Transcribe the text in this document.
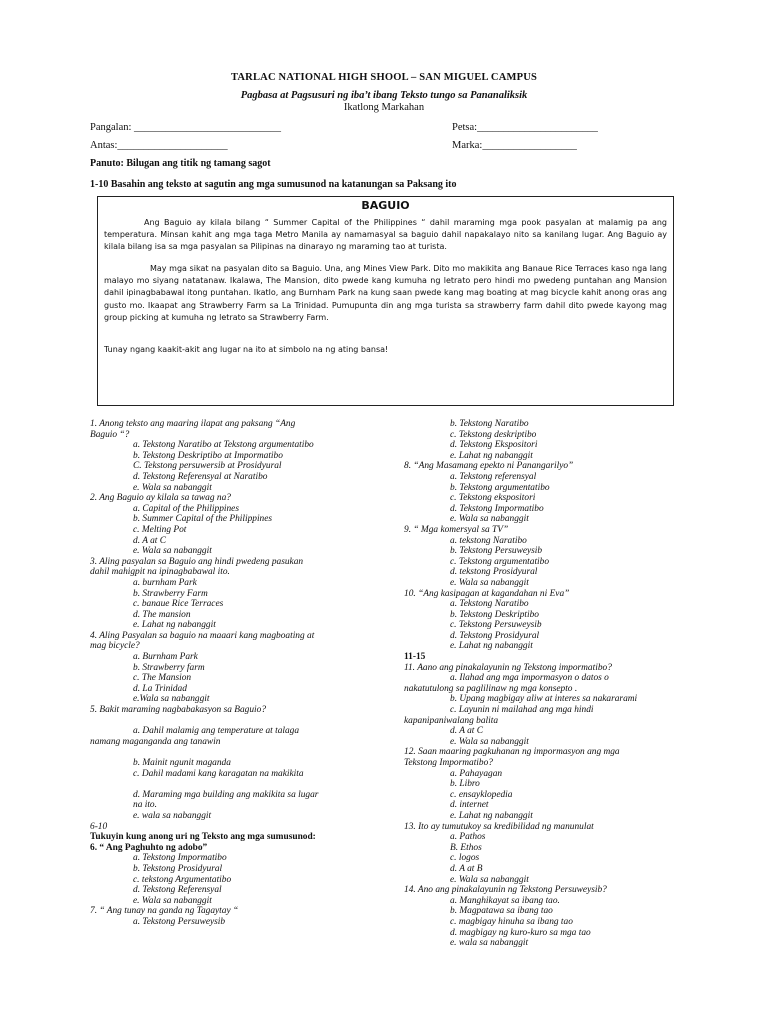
TARLAC NATIONAL HIGH SHOOL – SAN MIGUEL CAMPUS
Pagbasa at Pagsusuri ng iba’t ibang Teksto tungo sa Pananaliksik
Ikatlong Markahan
Pangalan: ____________________________	Petsa:_______________________
Antas:_____________________	Marka:__________________
Panuto: Bilugan ang titik ng tamang sagot
1-10 Basahin ang teksto at sagutin ang mga sumusunod na katanungan sa Paksang ito
BAGUIO
Ang Baguio ay kilala bilang “ Summer Capital of the Philippines “ dahil maraming mga pook pasyalan at malamig pa ang temperatura. Minsan kahit ang mga taga Metro Manila ay namamasyal sa baguio dahil napakalayo nito sa kanilang lugar. Ang Baguio ay kilala bilang isa sa mga pasyalan sa Pilipinas na dinarayo ng maraming tao at turista.
May mga sikat na pasyalan dito sa Baguio. Una, ang Mines View Park. Dito mo makikita ang Banaue Rice Terraces kaso nga lang malayo mo siyang natatanaw. Ikalawa, The Mansion, dito pwede kang kumuha ng letrato pero hindi mo pwedeng puntahan ang Mansion dahil ipinagbabawal itong puntahan. Ikatlo, ang Burnham Park na kung saan pwede kang mag boating at mag bicycle kahit anong oras ang gusto mo. Ikaapat ang Strawberry Farm sa La Trinidad. Pumupunta din ang mga turista sa strawberry farm dahil dito pwede kayong mag group picking at kumuha ng letrato sa Strawberry Farm.
Tunay ngang kaakit-akit ang lugar na ito at simbolo na ng ating bansa!
1. Anong teksto ang maaring ilapat ang paksang “Ang
Baguio “?
a. Tekstong Naratibo at Tekstong argumentatibo
b. Tekstong Deskriptibo at Impormatibo
C. Tekstong persuwersib at Prosidyural
d. Tekstong Referensyal at Naratibo
e. Wala sa nabanggit
2. Ang Baguio ay kilala sa tawag na?
a. Capital of the Philippines
b. Summer Capital of the Philippines
c. Melting Pot
d. A at C
e. Wala sa nabanggit
3. Aling pasyalan sa Baguio ang hindi pwedeng pasukan
dahil mahigpit na ipinagbabawal ito.
a. burnham Park
b. Strawberry Farm
c. banaue Rice Terraces
d. The mansion
e. Lahat ng nabanggit
4. Aling Pasyalan sa baguio na maaari kang magboating at
mag bicycle?
a. Burnham Park
b. Strawberry farm
c. The Mansion
d. La Trinidad
e.Wala sa nabanggit
5. Bakit maraming nagbabakasyon sa Baguio?
a. Dahil malamig ang temperature at talaga
namang maganganda ang tanawin
b. Mainit ngunit maganda
c. Dahil madami kang karagatan na makikita
d. Maraming mga building ang makikita sa lugar
na ito.
e. wala sa nabanggit
6-10
Tukuyin kung anong uri ng Teksto ang mga sumusunod:
6. “ Ang Paghuhto ng adobo”
a. Tekstong Impormatibo
b. Tekstong Prosidyural
c. tekstong Argumentatibo
d. Tekstong Referensyal
e. Wala sa nabanggit
7. “ Ang tunay na ganda ng Tagaytay “
a. Tekstong Persuweysib
b. Tekstong Naratibo
c. Tekstong deskriptibo
d. Tekstong Ekspositori
e. Lahat ng nabanggit
8. “Ang Masamang epekto ni Panangarilyo”
a. Tekstong referensyal
b. Tekstong argumentatibo
c. Tekstong ekspositori
d. Tekstong Impormatibo
e. Wala sa nabanggit
9. “ Mga komersyal sa TV”
a. tekstong Naratibo
b. Tekstong Persuweysib
c. Tekstong argumentatibo
d. tekstong Prosidyural
e. Wala sa nabanggit
10. “Ang kasipagan at kagandahan ni Eva”
a. Tekstong Naratibo
b. Tekstong Deskriptibo
c. Tekstong Persuweysib
d. Tekstong Prosidyural
e. Lahat ng nabanggit
11-15
11. Aano ang pinakalayunin ng Tekstong impormatibo?
a. Ilahad ang mga impormasyon o datos o
nakatutulong sa paglilinaw ng mga konsepto .
b. Upang magbigay aliw at interes sa nakararami
c. Layunin ni mailahad ang mga hindi
kapanipaniwalang balita
d. A at C
e. Wala sa nabanggit
12. Saan maaring pagkuhanan ng impormasyon ang mga
Tekstong Impormatibo?
a. Pahayagan
b. Libro
c. ensayklopedia
d. internet
e. Lahat ng nabanggit
13. Ito ay tumutukoy sa kredibilidad ng manunulat
a. Pathos
B. Ethos
c. logos
d. A at B
e. Wala sa nabanggit
14. Ano ang pinakalayunin ng Tekstong Persuweysib?
a. Manghikayat sa ibang tao.
b. Magpatawa sa ibang tao
c. magbigay hinuha sa ibang tao
d. magbigay ng kuro-kuro sa mga tao
e. wala sa nabanggit
